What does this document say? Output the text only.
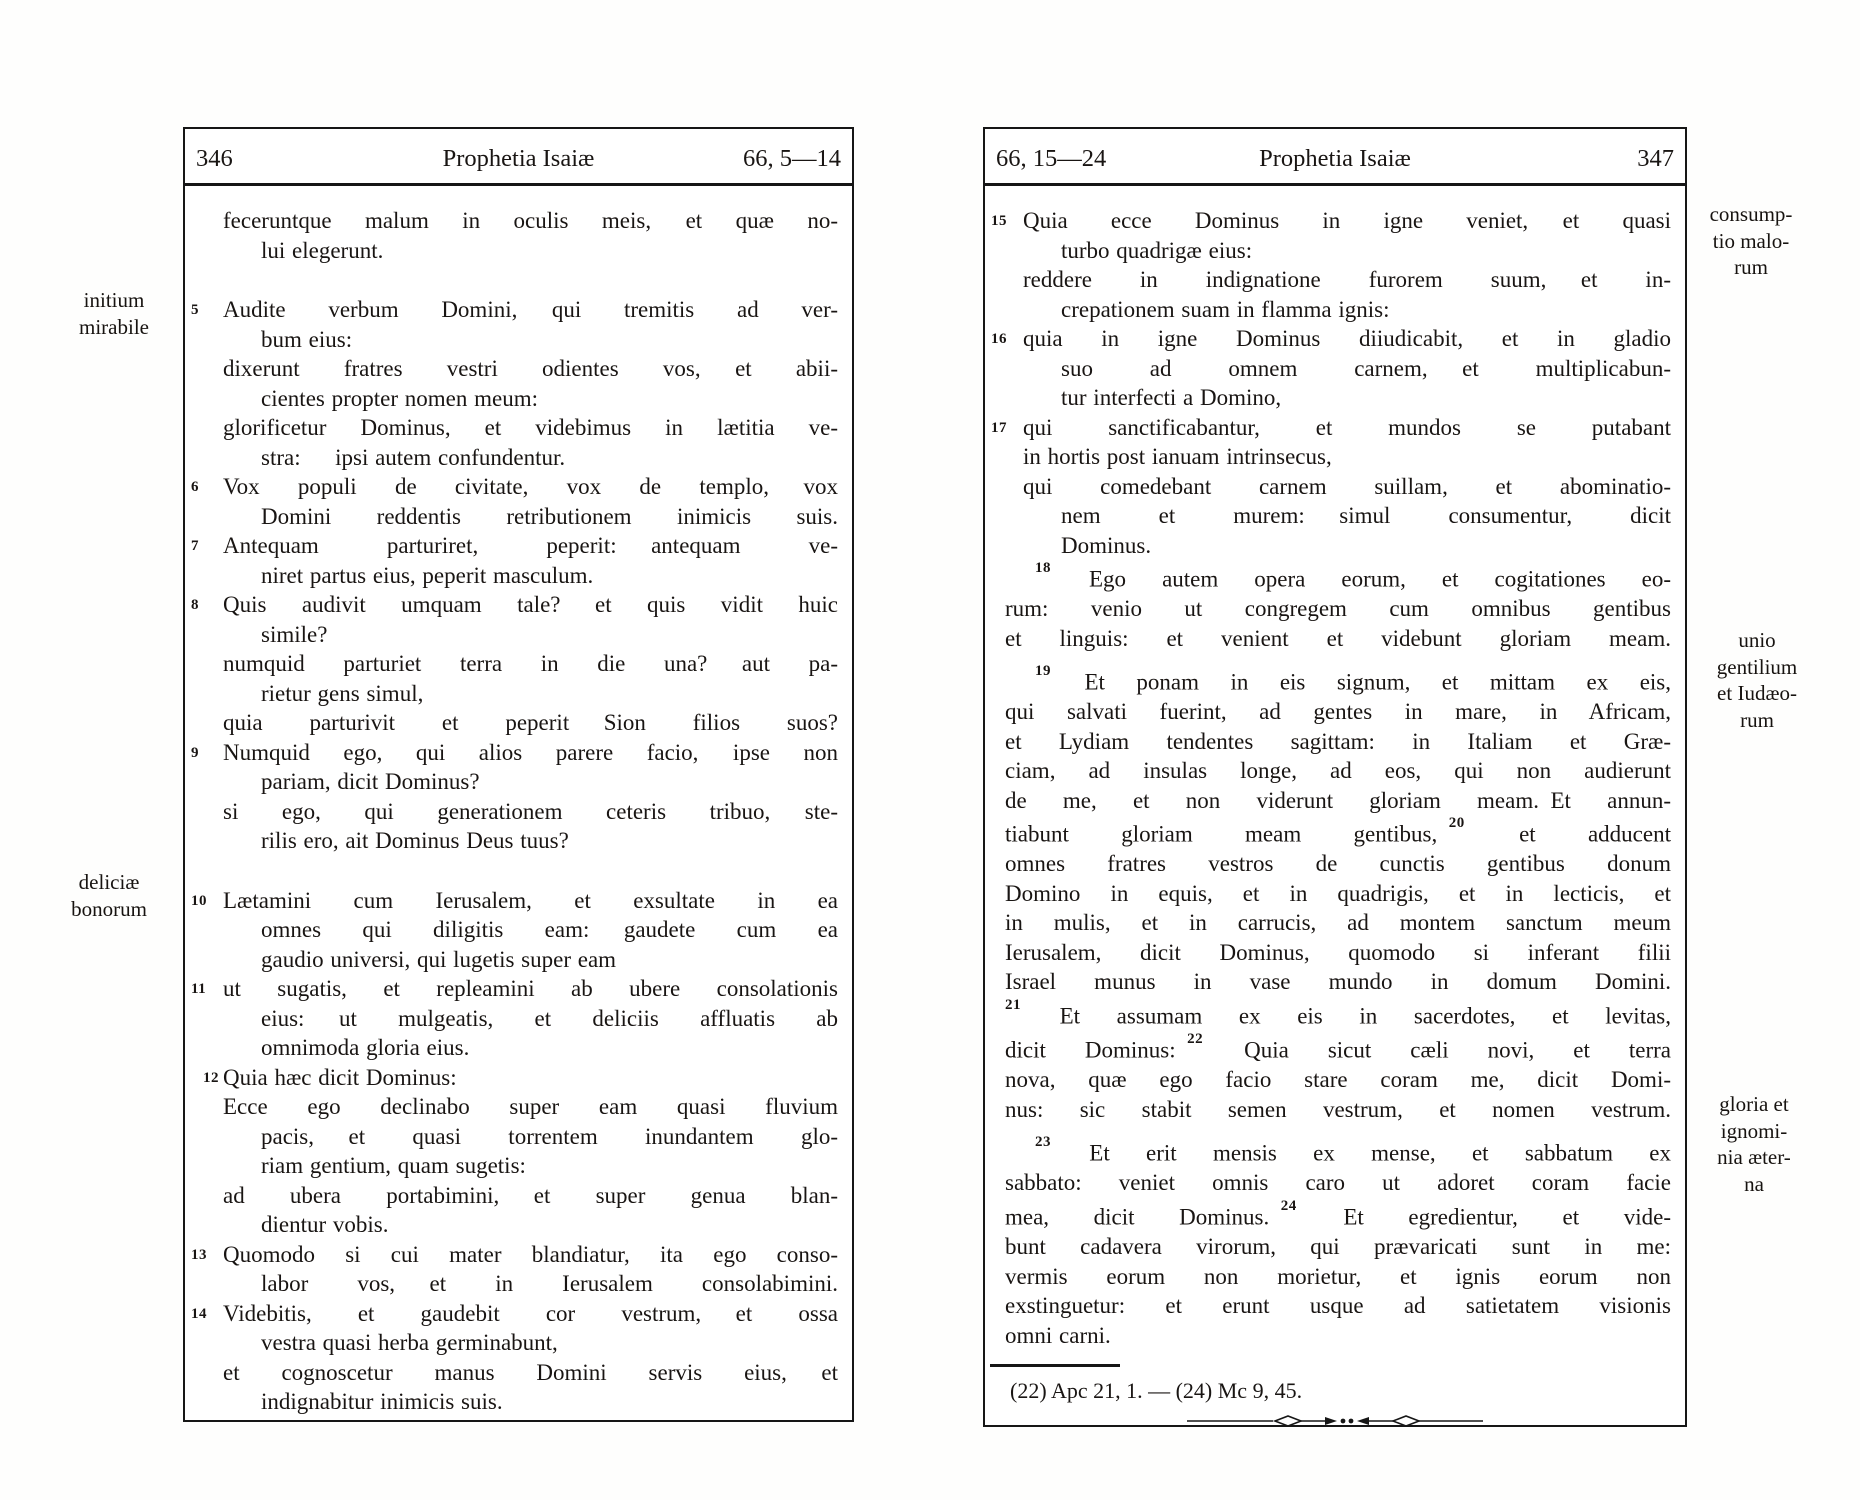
346	Prophetia Isaiæ	66, 5—14
feceruntque malum in oculis meis,  et quæ no-
lui elegerunt.
5	Audite verbum Domini,  qui tremitis ad ver-
bum eius:
dixerunt fratres vestri odientes vos,  et abii-
cientes propter nomen meum:
glorificetur Dominus, et videbimus in lætitia ve-
stra:  ipsi autem confundentur.
6	Vox populi de civitate, vox de templo,  vox
Domini reddentis retributionem inimicis suis.
7	Antequam parturiret, peperit:  antequam ve-
niret partus eius, peperit masculum.
8	Quis audivit umquam tale?  et quis vidit huic
simile?
numquid parturiet terra in die una?  aut pa-
rietur gens simul,
quia parturivit et peperit  Sion filios suos?
9	Numquid ego, qui alios parere facio,  ipse non
pariam, dicit Dominus?
si ego, qui generationem ceteris tribuo,  ste-
rilis ero, ait Dominus Deus tuus?
10 Lætamini cum Ierusalem, et exsultate in ea
omnes qui diligitis eam:  gaudete cum ea
gaudio universi, qui lugetis super eam
11 ut sugatis, et repleamini ab ubere consolationis
eius:  ut mulgeatis, et deliciis affluatis ab
omnimoda gloria eius.
12 Quia hæc dicit Dominus:
Ecce ego declinabo super eam quasi fluvium
pacis,  et quasi torrentem inundantem glo-
riam gentium, quam sugetis:
ad ubera portabimini,  et super genua blan-
dientur vobis.
13 Quomodo si cui mater blandiatur, ita ego conso-
labor vos,  et in Ierusalem consolabimini.
14 Videbitis, et gaudebit cor vestrum,  et ossa
vestra quasi herba germinabunt,
et cognoscetur manus Domini servis eius,  et
indignabitur inimicis suis.
66, 15—24	Prophetia Isaiæ	347
15 Quia ecce Dominus in igne veniet,  et quasi
turbo quadrigæ eius:
reddere in indignatione furorem suum,  et in-
crepationem suam in flamma ignis:
16 quia in igne Dominus diiudicabit, et in gladio
suo ad omnem carnem,  et multiplicabun-
tur interfecti a Domino,
17 qui sanctificabantur, et mundos se putabant
in hortis post ianuam intrinsecus,
qui comedebant carnem suillam, et abominatio-
nem et murem:  simul consumentur, dicit
Dominus.
$^{18}$ Ego autem opera eorum, et cogitationes eo-
rum: venio ut congregem cum omnibus gentibus
et linguis: et venient et videbunt gloriam meam.
$^{19}$ Et ponam in eis signum, et mittam ex eis,
qui salvati fuerint, ad gentes in mare, in Africam,
et Lydiam tendentes sagittam: in Italiam et Græ-
ciam, ad insulas longe, ad eos, qui non audierunt
de me, et non viderunt gloriam meam. Et annun-
tiabunt gloriam meam gentibus, $^{20}$ et adducent
omnes fratres vestros de cunctis gentibus donum
Domino in equis, et in quadrigis, et in lecticis, et
in mulis, et in carrucis, ad montem sanctum meum
Ierusalem, dicit Dominus, quomodo si inferant filii
Israel munus in vase mundo in domum Domini.
$^{21}$ Et assumam ex eis in sacerdotes, et levitas,
dicit Dominus: $^{22}$ Quia sicut cæli novi, et terra
nova, quæ ego facio stare coram me, dicit Domi-
nus: sic stabit semen vestrum, et nomen vestrum.
$^{23}$ Et erit mensis ex mense, et sabbatum ex
sabbato: veniet omnis caro ut adoret coram facie
mea, dicit Dominus. $^{24}$ Et egredientur, et vide-
bunt cadavera virorum, qui prævaricati sunt in me:
vermis eorum non morietur, et ignis eorum non
exstinguetur: et erunt usque ad satietatem visionis
omni carni.
(22) Apc 21, 1. — (24) Mc 9, 45.
initium
mirabile
deliciæ
bonorum
consump-
tio malo-
rum
unio
gentilium
et Iudæo-
rum
gloria et
ignomi-
nia æter-
na
